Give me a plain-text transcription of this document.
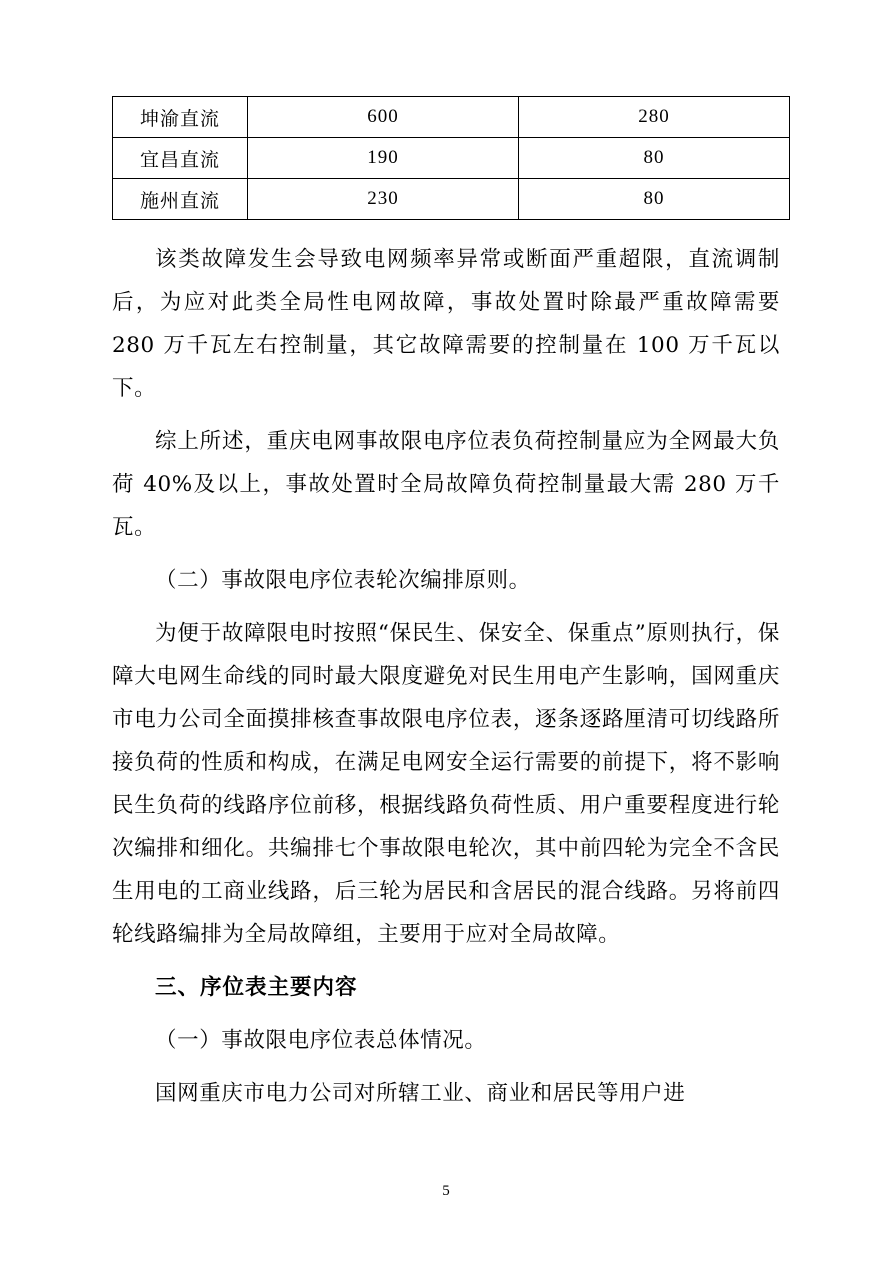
坤渝直流	600	280
宜昌直流	190	80
施州直流	230	80

该类故障发生会导致电网频率异常或断面严重超限，直流调制后，为应对此类全局性电网故障，事故处置时除最严重故障需要 280 万千瓦左右控制量，其它故障需要的控制量在 100 万千瓦以下。

综上所述，重庆电网事故限电序位表负荷控制量应为全网最大负荷 40%及以上，事故处置时全局故障负荷控制量最大需 280 万千瓦。

（二）事故限电序位表轮次编排原则。

为便于故障限电时按照“保民生、保安全、保重点”原则执行，保障大电网生命线的同时最大限度避免对民生用电产生影响，国网重庆市电力公司全面摸排核查事故限电序位表，逐条逐路厘清可切线路所接负荷的性质和构成，在满足电网安全运行需要的前提下，将不影响民生负荷的线路序位前移，根据线路负荷性质、用户重要程度进行轮次编排和细化。共编排七个事故限电轮次，其中前四轮为完全不含民生用电的工商业线路，后三轮为居民和含居民的混合线路。另将前四轮线路编排为全局故障组，主要用于应对全局故障。

三、序位表主要内容

（一）事故限电序位表总体情况。

国网重庆市电力公司对所辖工业、商业和居民等用户进

5
